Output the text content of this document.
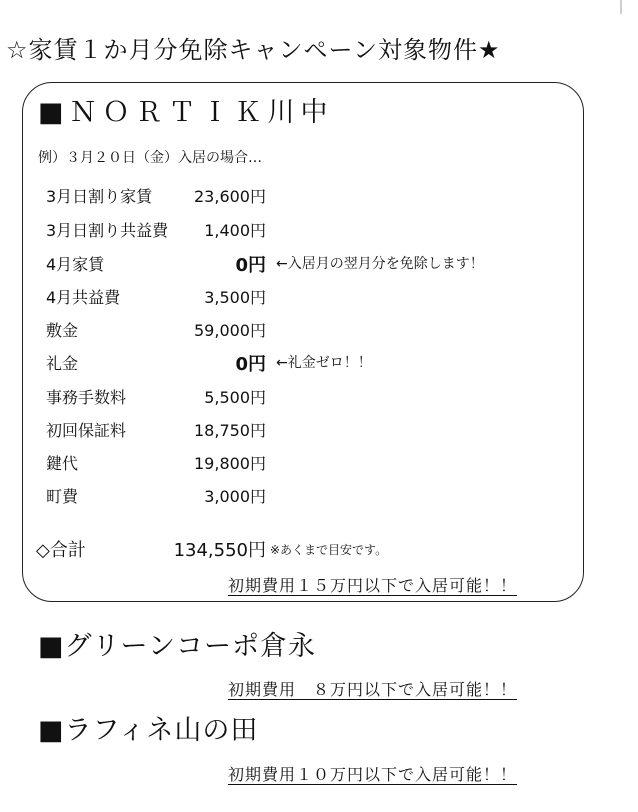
☆家賃１か月分免除キャンペーン対象物件★
■ＮＯＲＴＩＫ川中
例）３月２０日（金）入居の場合…
3月日割り家賃	23,600円
3月日割り共益費	1,400円
4月家賃	0円 ←入居月の翌月分を免除します！
4月共益費	3,500円
敷金	59,000円
礼金	0円 ←礼金ゼロ！！
事務手数料	5,500円
初回保証料	18,750円
鍵代	19,800円
町費	3,000円
◇合計	134,550円 ※あくまで目安です。
初期費用１５万円以下で入居可能！！
■グリーンコーポ倉永
初期費用　８万円以下で入居可能！！
■ラフィネ山の田
初期費用１０万円以下で入居可能！！
